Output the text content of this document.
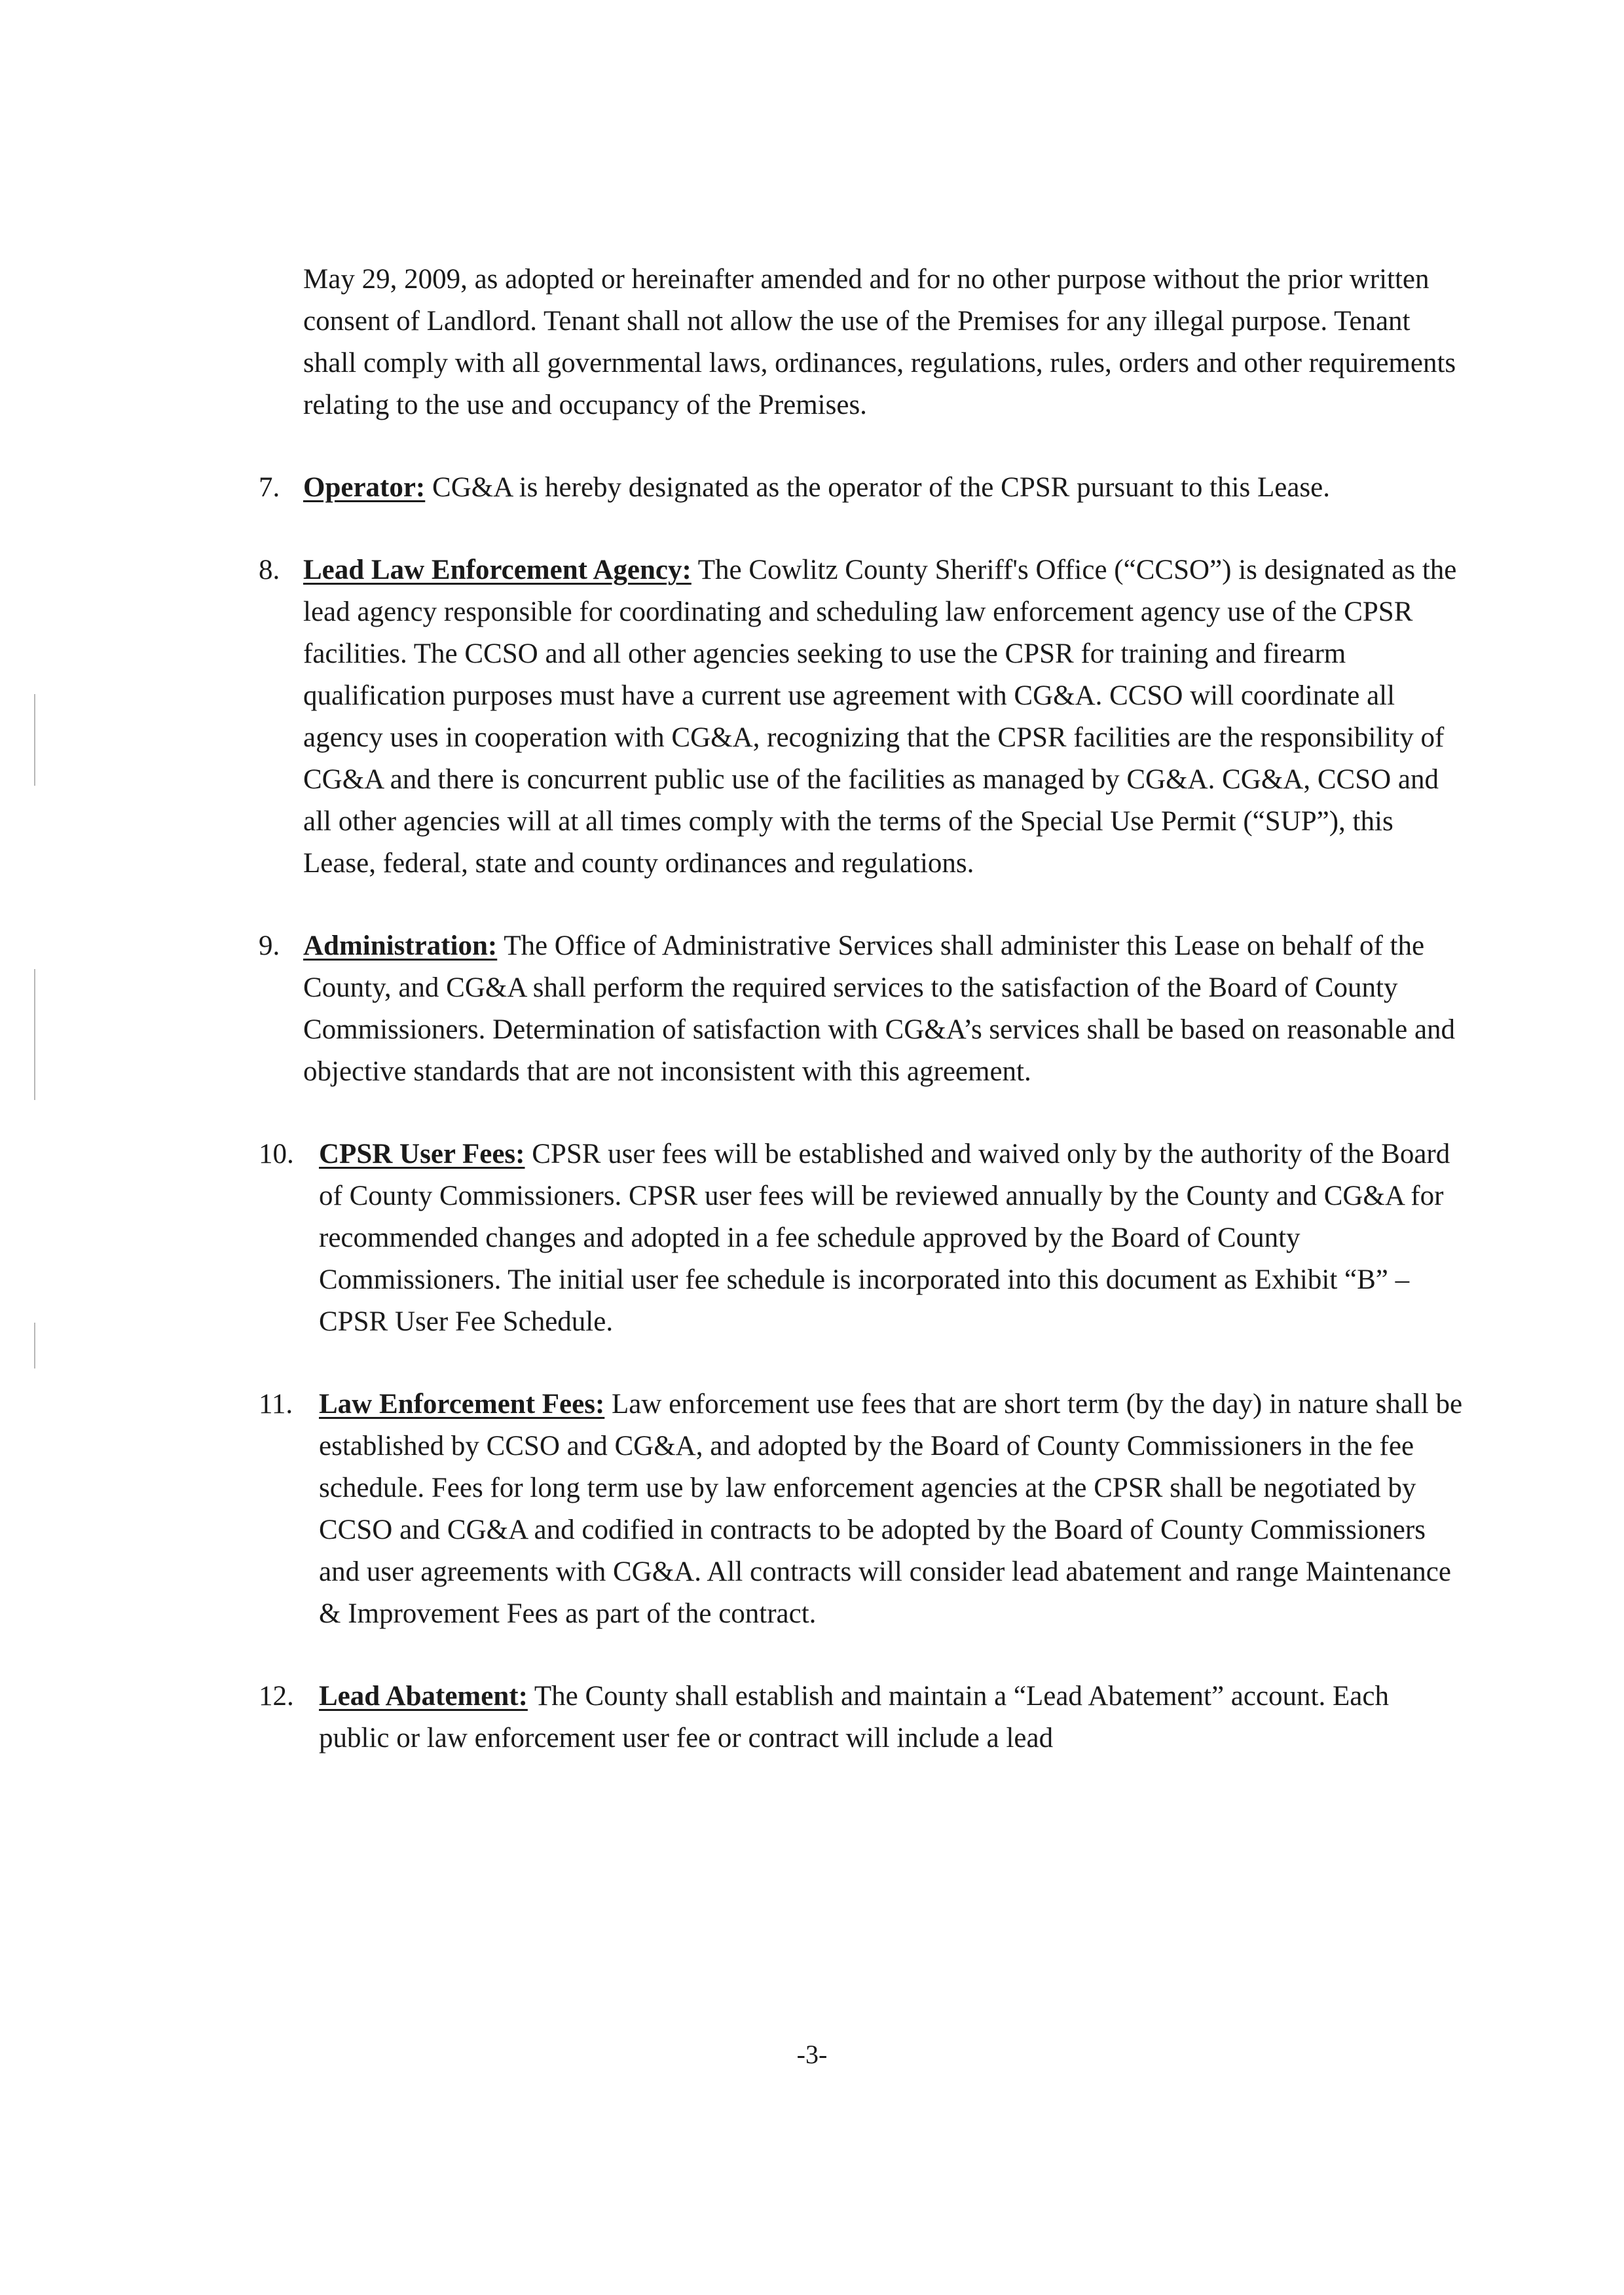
May 29, 2009, as adopted or hereinafter amended and for no other purpose without the prior written consent of Landlord. Tenant shall not allow the use of the Premises for any illegal purpose. Tenant shall comply with all governmental laws, ordinances, regulations, rules, orders and other requirements relating to the use and occupancy of the Premises.

7. Operator: CG&A is hereby designated as the operator of the CPSR pursuant to this Lease.

8. Lead Law Enforcement Agency: The Cowlitz County Sheriff's Office (“CCSO”) is designated as the lead agency responsible for coordinating and scheduling law enforcement agency use of the CPSR facilities. The CCSO and all other agencies seeking to use the CPSR for training and firearm qualification purposes must have a current use agreement with CG&A. CCSO will coordinate all agency uses in cooperation with CG&A, recognizing that the CPSR facilities are the responsibility of CG&A and there is concurrent public use of the facilities as managed by CG&A. CG&A, CCSO and all other agencies will at all times comply with the terms of the Special Use Permit (“SUP”), this Lease, federal, state and county ordinances and regulations.

9. Administration: The Office of Administrative Services shall administer this Lease on behalf of the County, and CG&A shall perform the required services to the satisfaction of the Board of County Commissioners. Determination of satisfaction with CG&A’s services shall be based on reasonable and objective standards that are not inconsistent with this agreement.

10. CPSR User Fees: CPSR user fees will be established and waived only by the authority of the Board of County Commissioners. CPSR user fees will be reviewed annually by the County and CG&A for recommended changes and adopted in a fee schedule approved by the Board of County Commissioners. The initial user fee schedule is incorporated into this document as Exhibit “B” – CPSR User Fee Schedule.

11. Law Enforcement Fees: Law enforcement use fees that are short term (by the day) in nature shall be established by CCSO and CG&A, and adopted by the Board of County Commissioners in the fee schedule. Fees for long term use by law enforcement agencies at the CPSR shall be negotiated by CCSO and CG&A and codified in contracts to be adopted by the Board of County Commissioners and user agreements with CG&A. All contracts will consider lead abatement and range Maintenance & Improvement Fees as part of the contract.

12. Lead Abatement: The County shall establish and maintain a “Lead Abatement” account. Each public or law enforcement user fee or contract will include a lead

-3-
